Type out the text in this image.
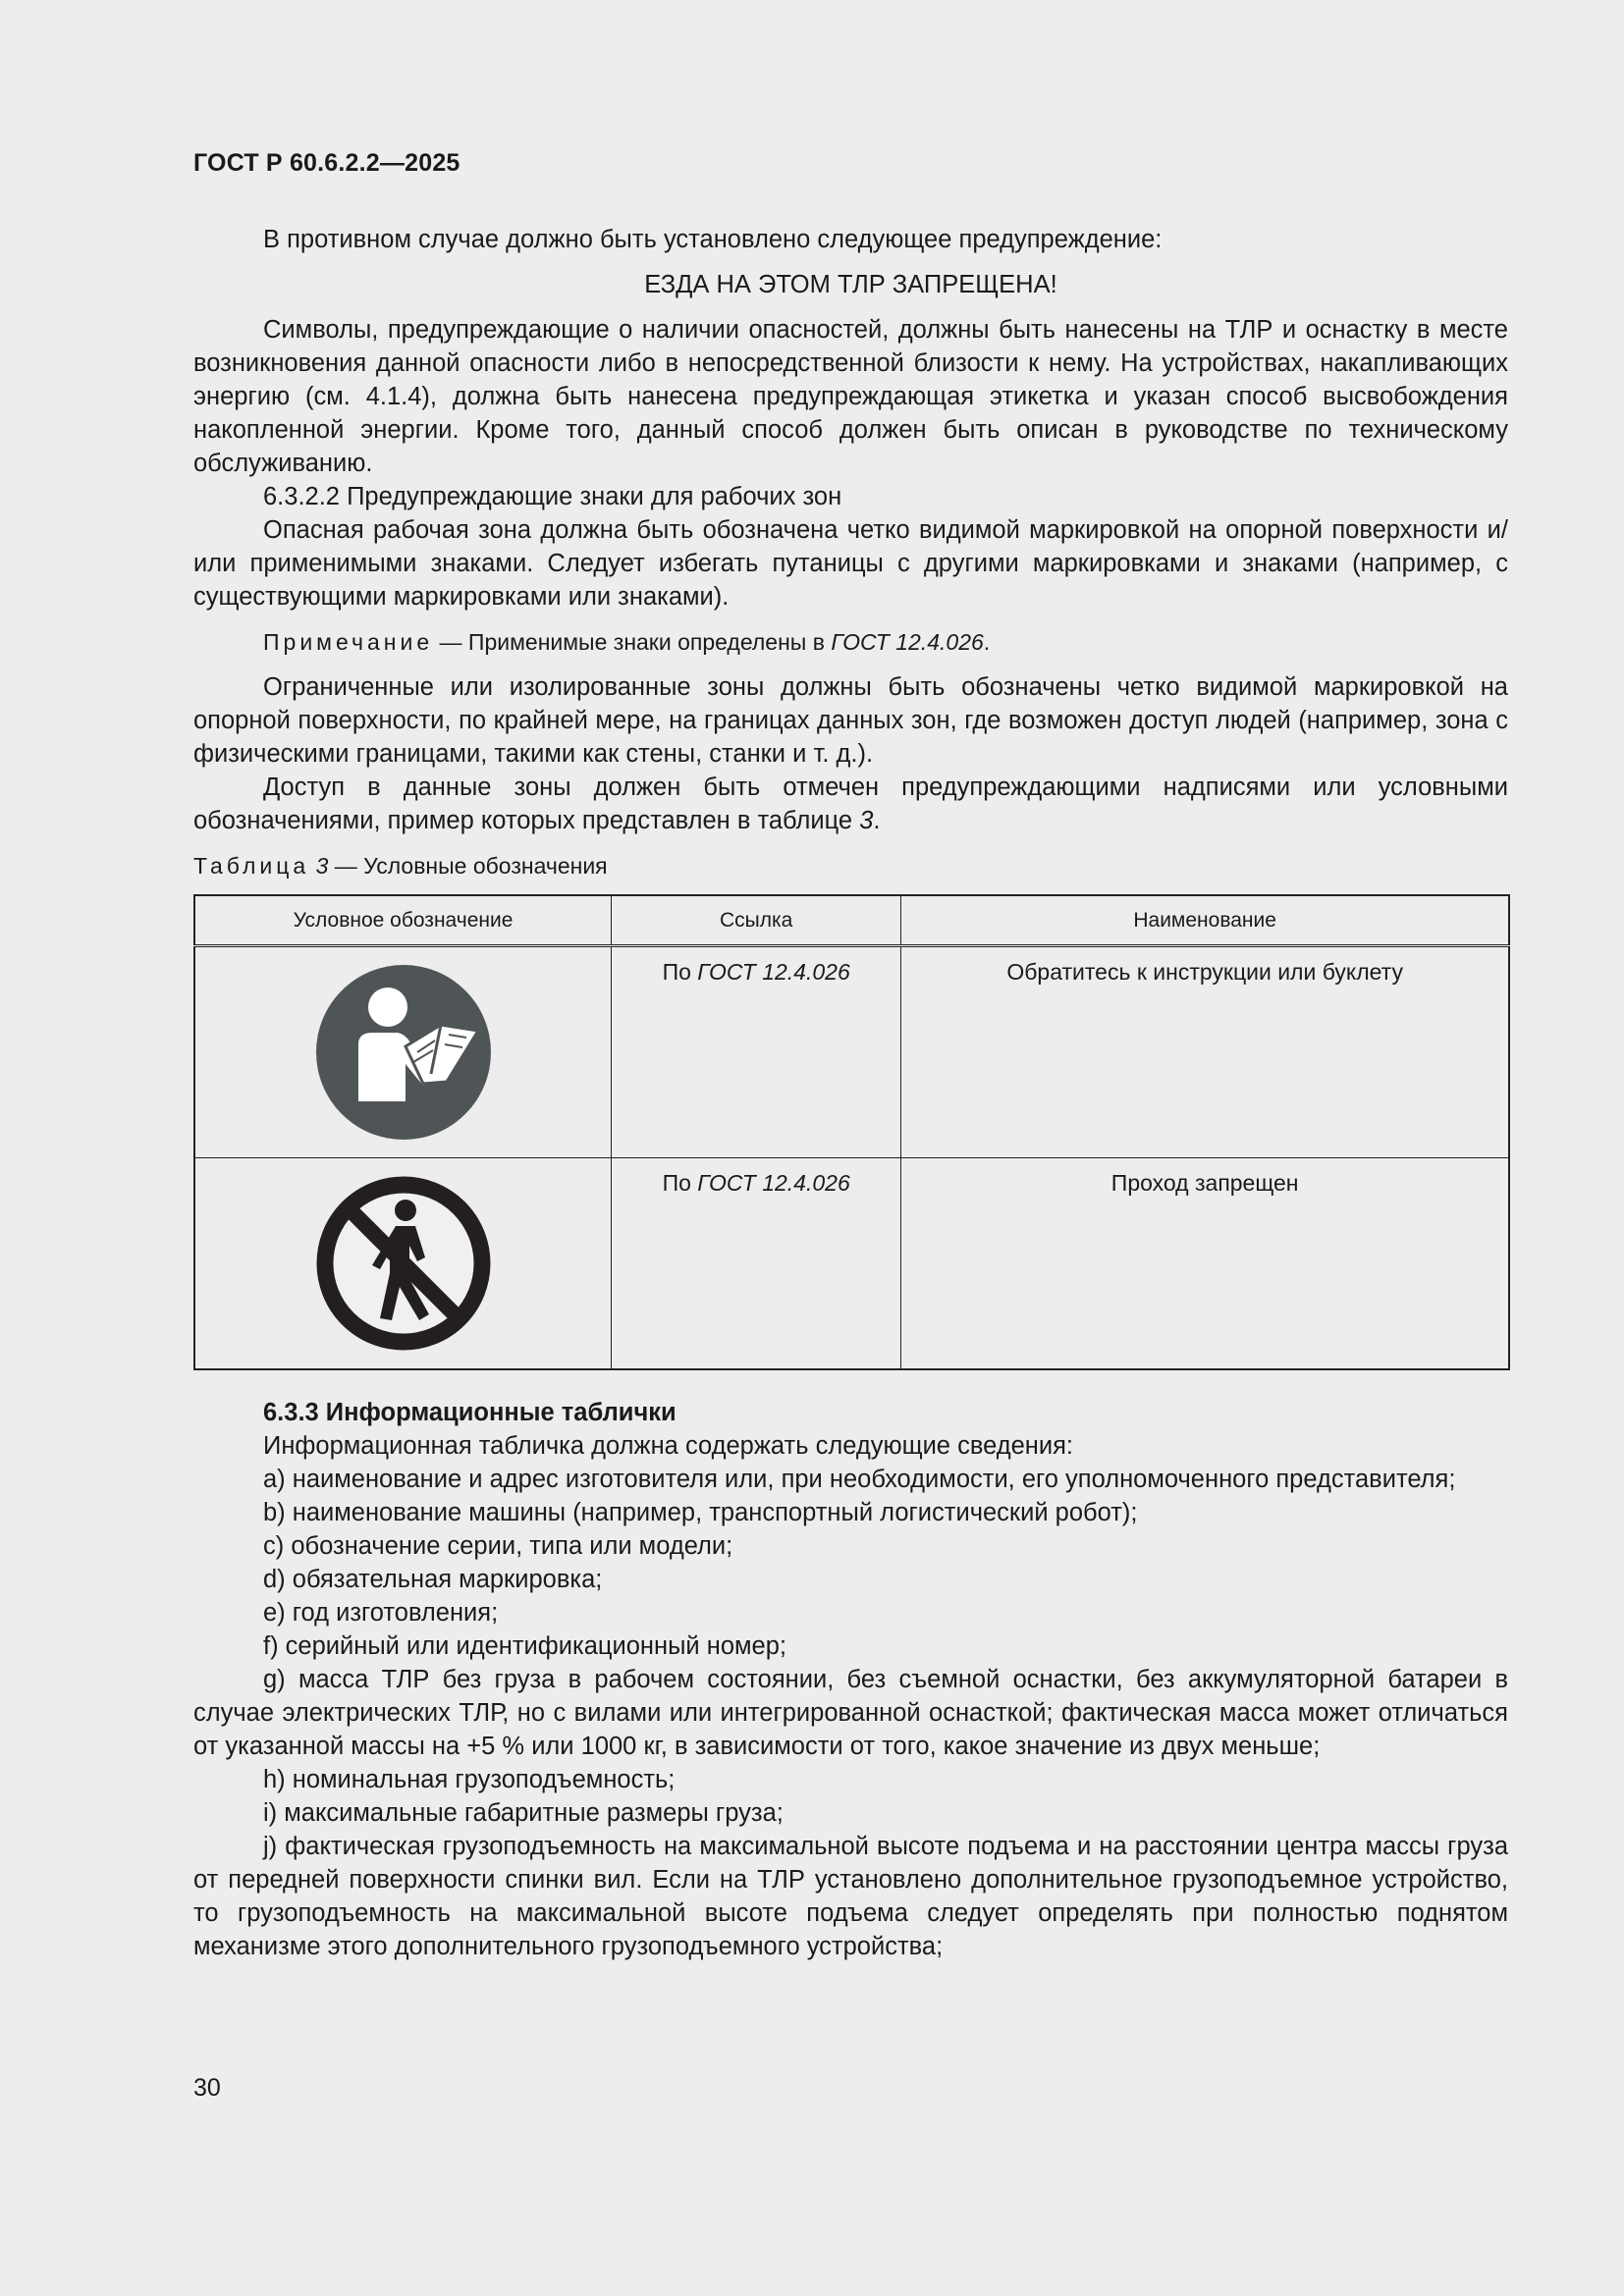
ГОСТ Р 60.6.2.2—2025

В противном случае должно быть установлено следующее предупреждение:

ЕЗДА НА ЭТОМ ТЛР ЗАПРЕЩЕНА!

Символы, предупреждающие о наличии опасностей, должны быть нанесены на ТЛР и оснастку в месте возникновения данной опасности либо в непосредственной близости к нему. На устройствах, накапливающих энергию (см. 4.1.4), должна быть нанесена предупреждающая этикетка и указан способ высвобождения накопленной энергии. Кроме того, данный способ должен быть описан в руководстве по техническому обслуживанию.

6.3.2.2 Предупреждающие знаки для рабочих зон

Опасная рабочая зона должна быть обозначена четко видимой маркировкой на опорной поверхности и/или применимыми знаками. Следует избегать путаницы с другими маркировками и знаками (например, с существующими маркировками или знаками).

Примечание — Применимые знаки определены в ГОСТ 12.4.026.

Ограниченные или изолированные зоны должны быть обозначены четко видимой маркировкой на опорной поверхности, по крайней мере, на границах данных зон, где возможен доступ людей (например, зона с физическими границами, такими как стены, станки и т. д.).

Доступ в данные зоны должен быть отмечен предупреждающими надписями или условными обозначениями, пример которых представлен в таблице 3.

Таблица 3 — Условные обозначения

Условное обозначение	Ссылка	Наименование

	По ГОСТ 12.4.026	Обратитесь к инструкции или буклету

	По ГОСТ 12.4.026	Проход запрещен

6.3.3 Информационные таблички

Информационная табличка должна содержать следующие сведения:

a) наименование и адрес изготовителя или, при необходимости, его уполномоченного представителя;

b) наименование машины (например, транспортный логистический робот);

c) обозначение серии, типа или модели;

d) обязательная маркировка;

e) год изготовления;

f) серийный или идентификационный номер;

g) масса ТЛР без груза в рабочем состоянии, без съемной оснастки, без аккумуляторной батареи в случае электрических ТЛР, но с вилами или интегрированной оснасткой; фактическая масса может отличаться от указанной массы на +5 % или 1000 кг, в зависимости от того, какое значение из двух меньше;

h) номинальная грузоподъемность;

i) максимальные габаритные размеры груза;

j) фактическая грузоподъемность на максимальной высоте подъема и на расстоянии центра массы груза от передней поверхности спинки вил. Если на ТЛР установлено дополнительное грузоподъемное устройство, то грузоподъемность на максимальной высоте подъема следует определять при полностью поднятом механизме этого дополнительного грузоподъемного устройства;

30
